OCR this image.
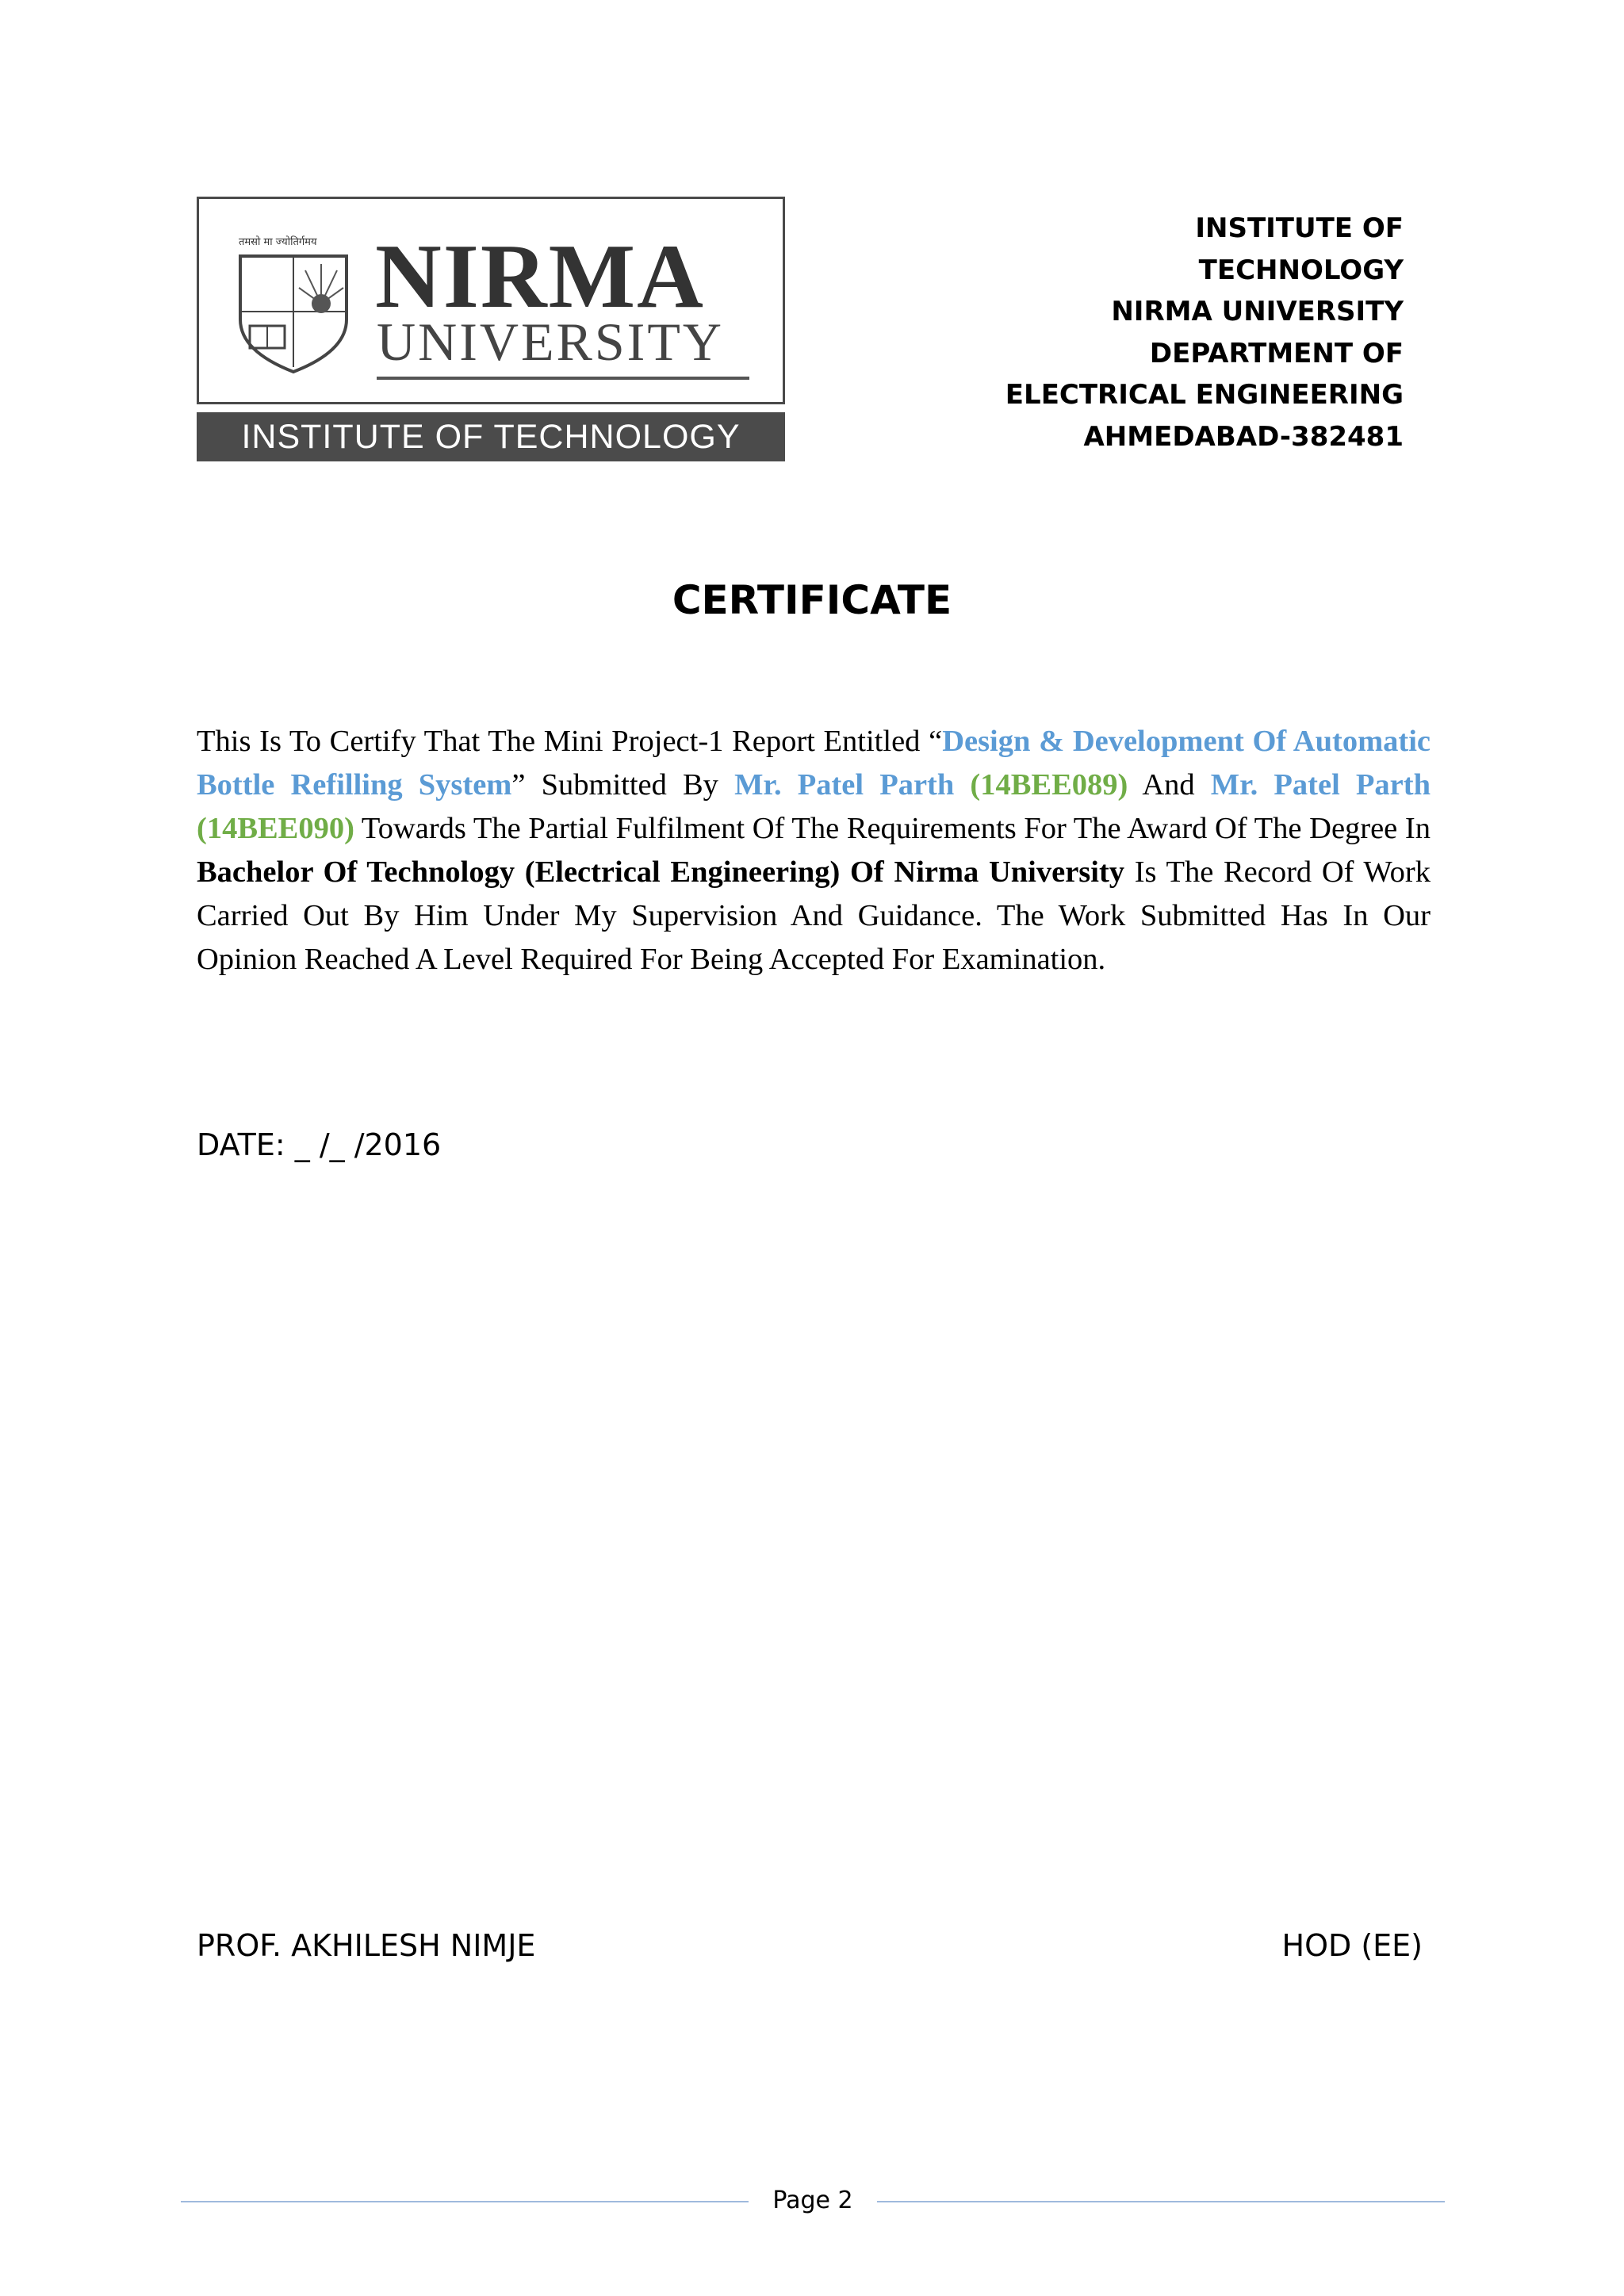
तमसो मा ज्योतिर्गमय NIRMA
UNIVERSITY
INSTITUTE OF TECHNOLOGY
INSTITUTE OF
TECHNOLOGY
NIRMA UNIVERSITY
DEPARTMENT OF
ELECTRICAL ENGINEERING
AHMEDABAD-382481
CERTIFICATE
This Is To Certify That The Mini Project-1 Report Entitled “Design & Development Of Automatic Bottle Refilling System” Submitted By Mr. Patel Parth (14BEE089) And Mr. Patel Parth (14BEE090) Towards The Partial Fulfilment Of The Requirements For The Award Of The Degree In Bachelor Of Technology (Electrical Engineering) Of Nirma University Is The Record Of Work Carried Out By Him Under My Supervision And Guidance. The Work Submitted Has In Our Opinion Reached A Level Required For Being Accepted For Examination.
DATE: _ /_ /2016
PROF. AKHILESH NIMJE	HOD (EE)
Page 2
